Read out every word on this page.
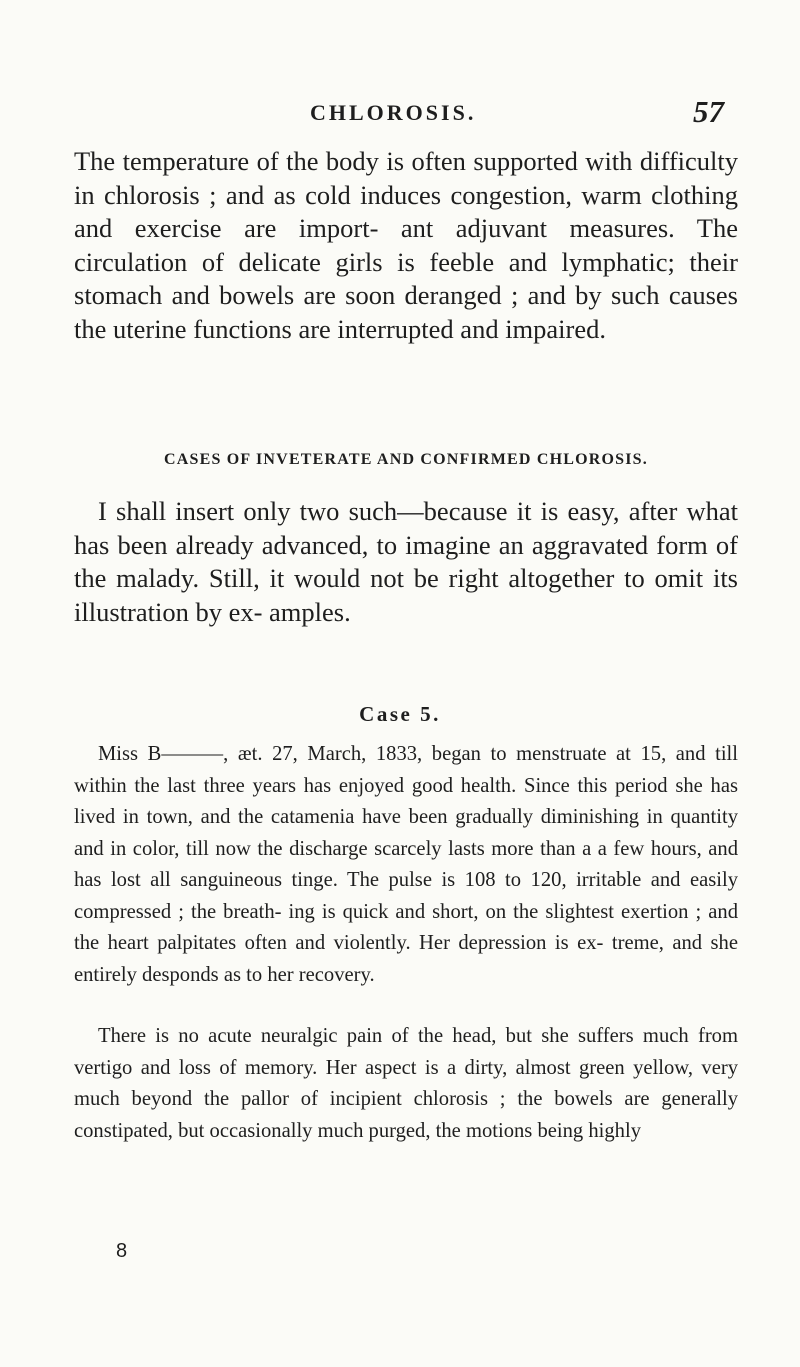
CHLOROSIS.	57

The temperature of the body is often supported with difficulty in chlorosis ; and as cold induces congestion, warm clothing and exercise are import- ant adjuvant measures. The circulation of delicate girls is feeble and lymphatic; their stomach and bowels are soon deranged ; and by such causes the uterine functions are interrupted and impaired.

CASES OF INVETERATE AND CONFIRMED CHLOROSIS.

I shall insert only two such—because it is easy, after what has been already advanced, to imagine an aggravated form of the malady. Still, it would not be right altogether to omit its illustration by ex- amples.

Case 5.

Miss B———, æt. 27, March, 1833, began to menstruate at 15, and till within the last three years has enjoyed good health. Since this period she has lived in town, and the catamenia have been gradually diminishing in quantity and in color, till now the discharge scarcely lasts more than a a few hours, and has lost all sanguineous tinge. The pulse is 108 to 120, irritable and easily compressed ; the breath- ing is quick and short, on the slightest exertion ; and the heart palpitates often and violently. Her depression is ex- treme, and she entirely desponds as to her recovery.

There is no acute neuralgic pain of the head, but she suffers much from vertigo and loss of memory. Her aspect is a dirty, almost green yellow, very much beyond the pallor of incipient chlorosis ; the bowels are generally constipated, but occasionally much purged, the motions being highly

8
